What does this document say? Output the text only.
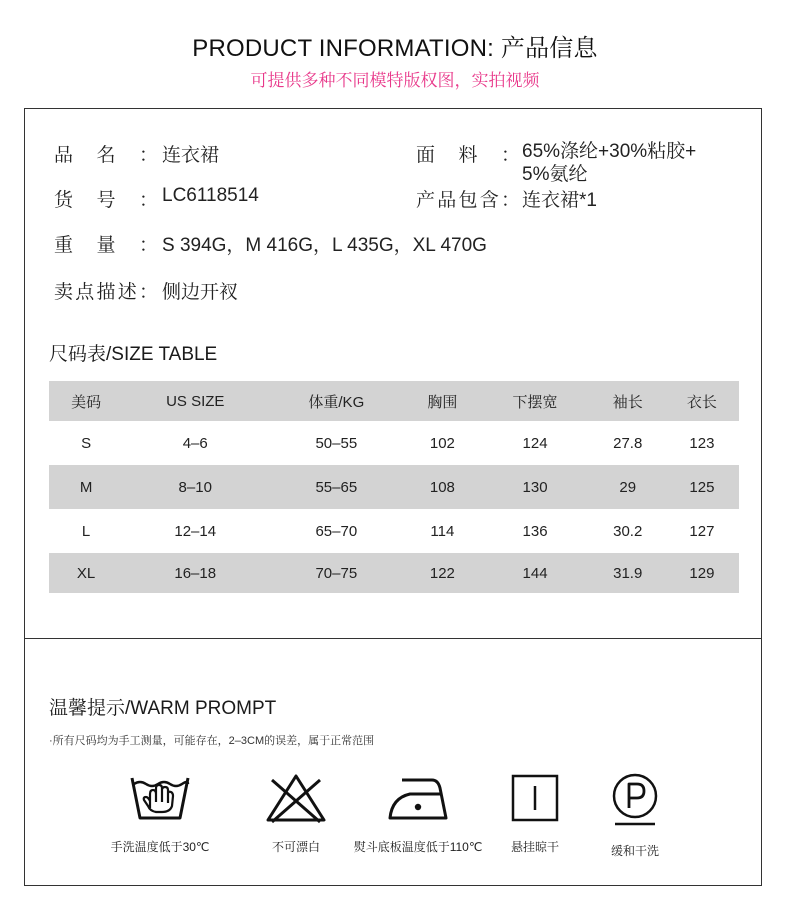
PRODUCT INFORMATION: 产品信息
可提供多种不同模特版权图，实拍视频
品名： 连衣裙
货号： LC6118514
重量： S 394G，M 416G，L 435G，XL 470G
卖点描述： 侧边开衩
面料： 65%涤纶+30%粘胶+
5%氨纶
产品包含： 连衣裙*1
尺码表/SIZE TABLE
美码	US SIZE	体重/KG	胸围	下摆宽	袖长	衣长
S	4–6	50–55	102	124	27.8	123
M	8–10	55–65	108	130	29	125
L	12–14	65–70	114	136	30.2	127
XL	16–18	70–75	122	144	31.9	129
温馨提示/WARM PROMPT
·所有尺码均为手工测量，可能存在，2–3CM的误差，属于正常范围
手洗温度低于30℃	不可漂白	熨斗底板温度低于110℃	悬挂晾干	缓和干洗
